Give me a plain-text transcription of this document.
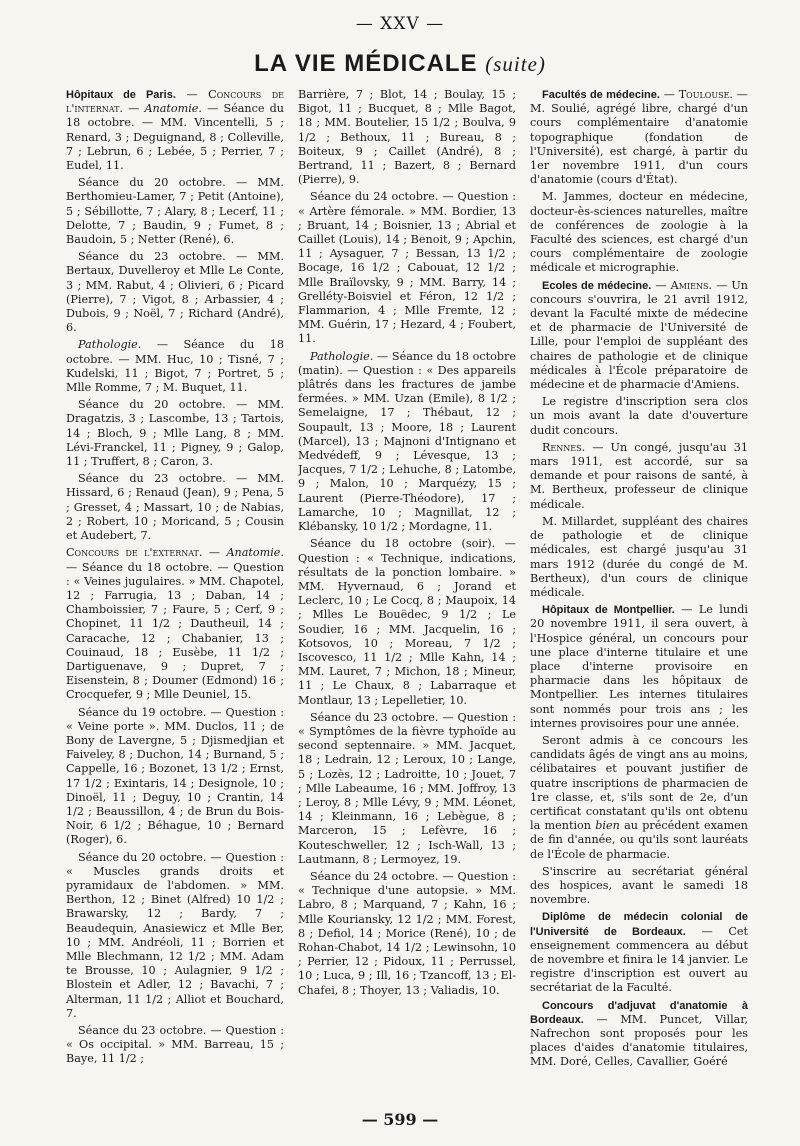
— XXV —
LA VIE MÉDICALE (suite)

Hôpitaux de Paris. — Concours de l'internat. — Anatomie. — Séance du 18 octobre. — MM. Vincentelli, 5 ; Renard, 3 ; Deguignand, 8 ; Colleville, 7 ; Lebrun, 6 ; Lebée, 5 ; Perrier, 7 ; Eudel, 11.

Séance du 20 octobre. — MM. Berthomieu-Lamer, 7 ; Petit (Antoine), 5 ; Sébillotte, 7 ; Alary, 8 ; Lecerf, 11 ; Delotte, 7 ; Baudin, 9 ; Fumet, 8 ; Baudoin, 5 ; Netter (René), 6.

Séance du 23 octobre. — MM. Bertaux, Duvelleroy et Mlle Le Conte, 3 ; MM. Rabut, 4 ; Olivieri, 6 ; Picard (Pierre), 7 ; Vigot, 8 ; Arbassier, 4 ; Dubois, 9 ; Noël, 7 ; Richard (André), 6.

Pathologie. — Séance du 18 octobre. — MM. Huc, 10 ; Tisné, 7 ; Kudelski, 11 ; Bigot, 7 ; Portret, 5 ; Mlle Romme, 7 ; M. Buquet, 11.

Séance du 20 octobre. — MM. Dragatzis, 3 ; Lascombe, 13 ; Tartois, 14 ; Bloch, 9 ; Mlle Lang, 8 ; MM. Lévi-Franckel, 11 ; Pigney, 9 ; Galop, 11 ; Truffert, 8 ; Caron, 3.

Séance du 23 octobre. — MM. Hissard, 6 ; Renaud (Jean), 9 ; Pena, 5 ; Gresset, 4 ; Massart, 10 ; de Nabias, 2 ; Robert, 10 ; Moricand, 5 ; Cousin et Audebert, 7.

Concours de l'externat. — Anatomie. — Séance du 18 octobre. — Question : « Veines jugulaires. » MM. Chapotel, 12 ; Farrugia, 13 ; Daban, 14 ; Chamboissier, 7 ; Faure, 5 ; Cerf, 9 ; Chopinet, 11 1/2 ; Dautheuil, 14 ; Caracache, 12 ; Chabanier, 13 ; Couinaud, 18 ; Eusèbe, 11 1/2 ; Dartiguenave, 9 ; Dupret, 7 ; Eisenstein, 8 ; Doumer (Edmond) 16 ; Crocquefer, 9 ; Mlle Deuniel, 15.

Séance du 19 octobre. — Question : « Veine porte ». MM. Duclos, 11 ; de Bony de Lavergne, 5 ; Djismedjian et Faiveley, 8 ; Duchon, 14 ; Burnand, 5 ; Cappelle, 16 ; Bozonet, 13 1/2 ; Ernst, 17 1/2 ; Exintaris, 14 ; Designole, 10 ; Dinoël, 11 ; Deguy, 10 ; Crantin, 14 1/2 ; Beaussillon, 4 ; de Brun du Bois-Noir, 6 1/2 ; Béhague, 10 ; Bernard (Roger), 6.

Séance du 20 octobre. — Question : « Muscles grands droits et pyramidaux de l'abdomen. » MM. Berthon, 12 ; Binet (Alfred) 10 1/2 ; Brawarsky, 12 ; Bardy, 7 ; Beaudequin, Anasiewicz et Mlle Ber, 10 ; MM. Andréoli, 11 ; Borrien et Mlle Blechmann, 12 1/2 ; MM. Adam te Brousse, 10 ; Aulagnier, 9 1/2 ; Blostein et Adler, 12 ; Bavachi, 7 ; Alterman, 11 1/2 ; Alliot et Bouchard, 7.

Séance du 23 octobre. — Question : « Os occipital. » MM. Barreau, 15 ; Baye, 11 1/2 ;

Barrière, 7 ; Blot, 14 ; Boulay, 15 ; Bigot, 11 ; Bucquet, 8 ; Mlle Bagot, 18 ; MM. Boutelier, 15 1/2 ; Boulva, 9 1/2 ; Bethoux, 11 ; Bureau, 8 ; Boiteux, 9 ; Caillet (André), 8 ; Bertrand, 11 ; Bazert, 8 ; Bernard (Pierre), 9.

Séance du 24 octobre. — Question : « Artère fémorale. » MM. Bordier, 13 ; Bruant, 14 ; Boisnier, 13 ; Abrial et Caillet (Louis), 14 ; Benoit, 9 ; Apchin, 11 ; Aysaguer, 7 ; Bessan, 13 1/2 ; Bocage, 16 1/2 ; Cabouat, 12 1/2 ; Mlle Braïlovsky, 9 ; MM. Barry, 14 ; Grelléty-Boisviel et Féron, 12 1/2 ; Flammarion, 4 ; Mlle Fremte, 12 ; MM. Guérin, 17 ; Hezard, 4 ; Foubert, 11.

Pathologie. — Séance du 18 octobre (matin). — Question : « Des appareils plâtrés dans les fractures de jambe fermées. » MM. Uzan (Emile), 8 1/2 ; Semelaigne, 17 ; Thébaut, 12 ; Soupault, 13 ; Moore, 18 ; Laurent (Marcel), 13 ; Majnoni d'Intignano et Medvédeff, 9 ; Lévesque, 13 ; Jacques, 7 1/2 ; Lehuche, 8 ; Latombe, 9 ; Malon, 10 ; Marquézy, 15 ; Laurent (Pierre-Théodore), 17 ; Lamarche, 10 ; Magnillat, 12 ; Klébansky, 10 1/2 ; Mordagne, 11.

Séance du 18 octobre (soir). — Question : « Technique, indications, résultats de la ponction lombaire. » MM. Hyvernaud, 6 ; Jorand et Leclerc, 10 ; Le Cocq, 8 ; Maupoix, 14 ; Mlles Le Bouëdec, 9 1/2 ; Le Soudier, 16 ; MM. Jacquelin, 16 ; Kotsovos, 10 ; Moreau, 7 1/2 ; Iscovesco, 11 1/2 ; Mlle Kahn, 14 ; MM. Lauret, 7 ; Michon, 18 ; Mineur, 11 ; Le Chaux, 8 ; Labarraque et Montlaur, 13 ; Lepelletier, 10.

Séance du 23 octobre. — Question : « Symptômes de la fièvre typhoïde au second septennaire. » MM. Jacquet, 18 ; Ledrain, 12 ; Leroux, 10 ; Lange, 5 ; Lozès, 12 ; Ladroitte, 10 ; Jouet, 7 ; Mlle Labeaume, 16 ; MM. Joffroy, 13 ; Leroy, 8 ; Mlle Lévy, 9 ; MM. Léonet, 14 ; Kleinmann, 16 ; Lebègue, 8 ; Marceron, 15 ; Lefèvre, 16 ; Kouteschweller, 12 ; Isch-Wall, 13 ; Lautmann, 8 ; Lermoyez, 19.

Séance du 24 octobre. — Question : « Technique d'une autopsie. » MM. Labro, 8 ; Marquand, 7 ; Kahn, 16 ; Mlle Kouriansky, 12 1/2 ; MM. Forest, 8 ; Defiol, 14 ; Morice (René), 10 ; de Rohan-Chabot, 14 1/2 ; Lewinsohn, 10 ; Perrier, 12 ; Pidoux, 11 ; Perrussel, 10 ; Luca, 9 ; Ill, 16 ; Tzancoff, 13 ; El-Chafei, 8 ; Thoyer, 13 ; Valiadis, 10.

Facultés de médecine. — Toulouse. — M. Soulié, agrégé libre, chargé d'un cours complémentaire d'anatomie topographique (fondation de l'Université), est chargé, à partir du 1er novembre 1911, d'un cours d'anatomie (cours d'État).

M. Jammes, docteur en médecine, docteur-ès-sciences naturelles, maître de conférences de zoologie à la Faculté des sciences, est chargé d'un cours complémentaire de zoologie médicale et micrographie.

Ecoles de médecine. — Amiens. — Un concours s'ouvrira, le 21 avril 1912, devant la Faculté mixte de médecine et de pharmacie de l'Université de Lille, pour l'emploi de suppléant des chaires de pathologie et de clinique médicales à l'École préparatoire de médecine et de pharmacie d'Amiens.

Le registre d'inscription sera clos un mois avant la date d'ouverture dudit concours.

Rennes. — Un congé, jusqu'au 31 mars 1911, est accordé, sur sa demande et pour raisons de santé, à M. Bertheux, professeur de clinique médicale.

M. Millardet, suppléant des chaires de pathologie et de clinique médicales, est chargé jusqu'au 31 mars 1912 (durée du congé de M. Bertheux), d'un cours de clinique médicale.

Hôpitaux de Montpellier. — Le lundi 20 novembre 1911, il sera ouvert, à l'Hospice général, un concours pour une place d'interne titulaire et une place d'interne provisoire en pharmacie dans les hôpitaux de Montpellier. Les internes titulaires sont nommés pour trois ans ; les internes provisoires pour une année.

Seront admis à ce concours les candidats âgés de vingt ans au moins, célibataires et pouvant justifier de quatre inscriptions de pharmacien de 1re classe, et, s'ils sont de 2e, d'un certificat constatant qu'ils ont obtenu la mention bien au précédent examen de fin d'année, ou qu'ils sont lauréats de l'École de pharmacie.

S'inscrire au secrétariat général des hospices, avant le samedi 18 novembre.

Diplôme de médecin colonial de l'Université de Bordeaux. — Cet enseignement commencera au début de novembre et finira le 14 janvier. Le registre d'inscription est ouvert au secrétariat de la Faculté.

Concours d'adjuvat d'anatomie à Bordeaux. — MM. Puncet, Villar, Nafrechon sont proposés pour les places d'aides d'anatomie titulaires, MM. Doré, Celles, Cavallier, Goéré

— 599 —
